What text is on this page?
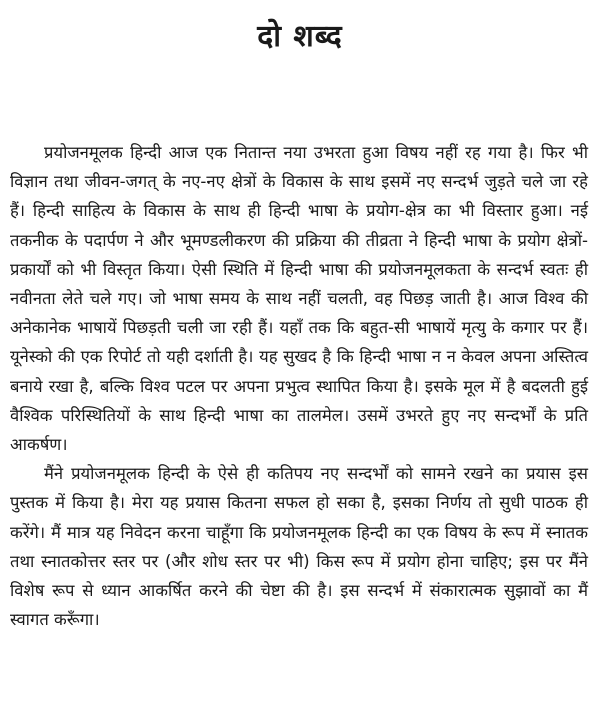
दो शब्द

प्रयोजनमूलक हिन्दी आज एक नितान्त नया उभरता हुआ विषय नहीं रह गया है। फिर भी विज्ञान तथा जीवन-जगत् के नए-नए क्षेत्रों के विकास के साथ इसमें नए सन्दर्भ जुड़ते चले जा रहे हैं। हिन्दी साहित्य के विकास के साथ ही हिन्दी भाषा के प्रयोग-क्षेत्र का भी विस्तार हुआ। नई तकनीक के पदार्पण ने और भूमण्डलीकरण की प्रक्रिया की तीव्रता ने हिन्दी भाषा के प्रयोग क्षेत्रों-प्रकार्यों को भी विस्तृत किया। ऐसी स्थिति में हिन्दी भाषा की प्रयोजनमूलकता के सन्दर्भ स्वतः ही नवीनता लेते चले गए। जो भाषा समय के साथ नहीं चलती, वह पिछड़ जाती है। आज विश्व की अनेकानेक भाषायें पिछड़ती चली जा रही हैं। यहाँ तक कि बहुत-सी भाषायें मृत्यु के कगार पर हैं। यूनेस्को की एक रिपोर्ट तो यही दर्शाती है। यह सुखद है कि हिन्दी भाषा न न केवल अपना अस्तित्व बनाये रखा है, बल्कि विश्व पटल पर अपना प्रभुत्व स्थापित किया है। इसके मूल में है बदलती हुई वैश्विक परिस्थितियों के साथ हिन्दी भाषा का तालमेल। उसमें उभरते हुए नए सन्दर्भों के प्रति आकर्षण।

मैंने प्रयोजनमूलक हिन्दी के ऐसे ही कतिपय नए सन्दर्भों को सामने रखने का प्रयास इस पुस्तक में किया है। मेरा यह प्रयास कितना सफल हो सका है, इसका निर्णय तो सुधी पाठक ही करेंगे। मैं मात्र यह निवेदन करना चाहूँगा कि प्रयोजनमूलक हिन्दी का एक विषय के रूप में स्नातक तथा स्नातकोत्तर स्तर पर (और शोध स्तर पर भी) किस रूप में प्रयोग होना चाहिए; इस पर मैंने विशेष रूप से ध्यान आकर्षित करने की चेष्टा की है। इस सन्दर्भ में संकारात्मक सुझावों का मैं स्वागत करूँगा।
